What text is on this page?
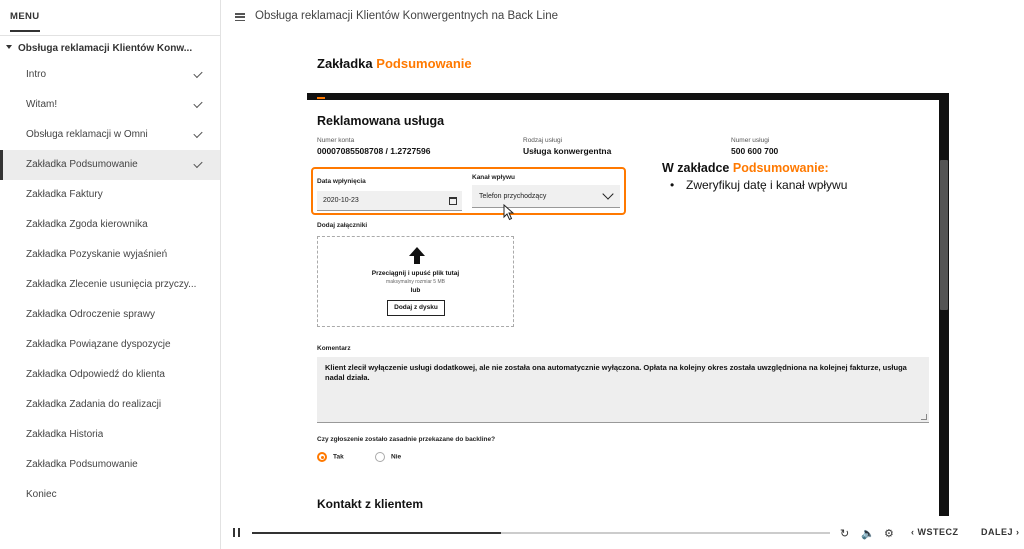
MENU
Obsługa reklamacji Klientów Konw...
Intro
Witam!
Obsługa reklamacji w Omni
Zakładka Podsumowanie
Zakładka Faktury
Zakładka Zgoda kierownika
Zakładka Pozyskanie wyjaśnień
Zakładka Zlecenie usunięcia przyczy...
Zakładka Odroczenie sprawy
Zakładka Powiązane dyspozycje
Zakładka Odpowiedź do klienta
Zakładka Zadania do realizacji
Zakładka Historia
Zakładka Podsumowanie
Koniec
Obsługa reklamacji Klientów Konwergentnych na Back Line
Zakładka Podsumowanie
Reklamowana usługa
Numer konta
00007085508708 / 1.2727596
Rodzaj usługi
Usługa konwergentna
Numer usługi
500 600 700
Data wpłynięcia
2020-10-23
Kanał wpływu
Telefon przychodzący
W zakładce Podsumowanie:
• Zweryfikuj datę i kanał wpływu
Dodaj załączniki
Przeciągnij i upuść plik tutaj
maksymalny rozmiar 5 MB
lub
Dodaj z dysku
Komentarz
Klient zlecił wyłączenie usługi dodatkowej, ale nie została ona automatycznie wyłączona. Opłata na kolejny okres została uwzględniona na kolejnej fakturze, usługa nadal działa.
Czy zgłoszenie zostało zasadnie przekazane do backline?
Tak	Nie
Kontakt z klientem
↻ 🔈 ⚙ ‹ WSTECZ DALEJ ›
